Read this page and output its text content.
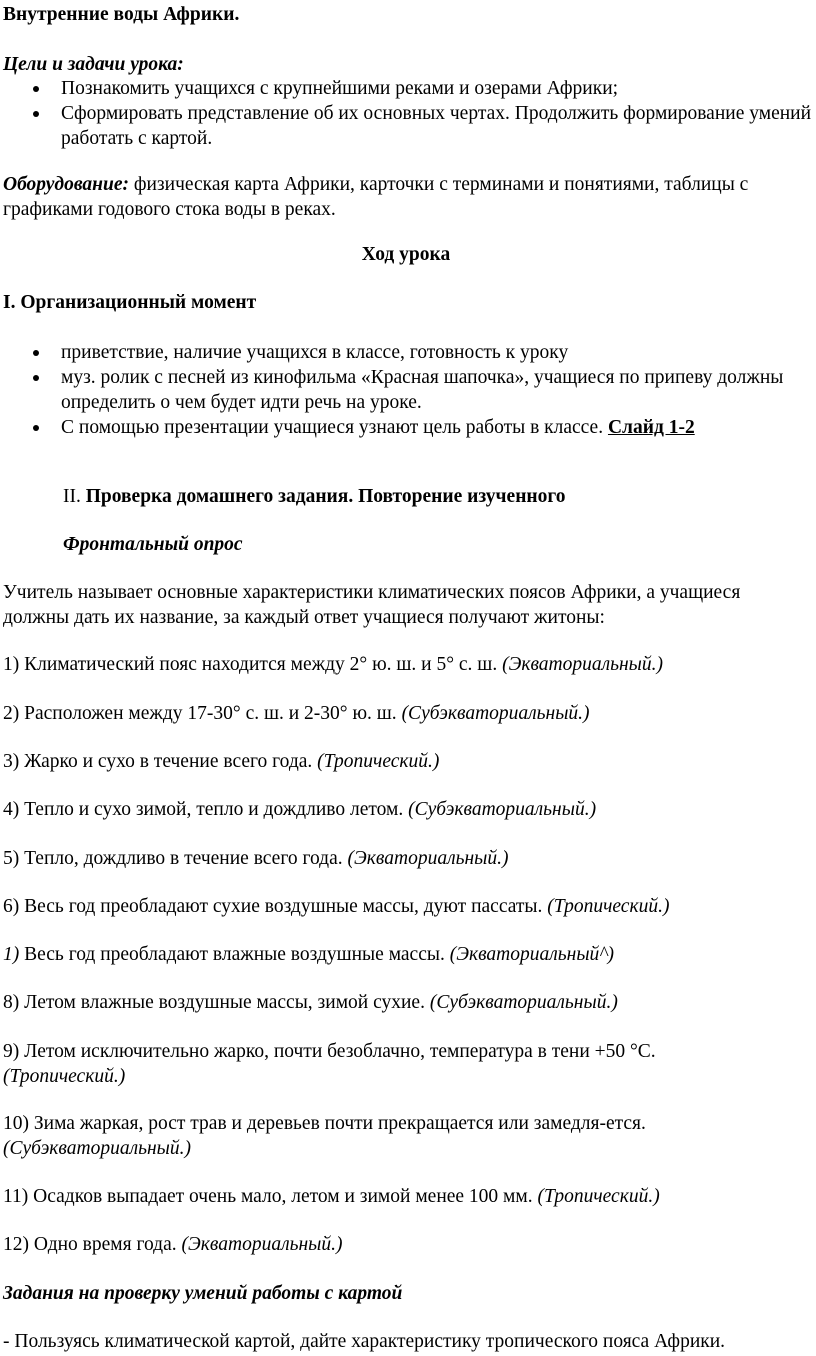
Внутренние воды Африки.

Цели и задачи урока:

Познакомить учащихся с крупнейшими реками и озерами Африки;
Сформировать представление об их основных чертах. Продолжить формирование умений работать с картой.

Оборудование: физическая карта Африки, карточки с терминами и понятиями, таблицы с графиками годового стока воды в реках.

Ход урока

I. Организационный момент

приветствие, наличие учащихся в классе, готовность к уроку
муз. ролик с песней из кинофильма «Красная шапочка», учащиеся по припеву должны определить о чем будет идти речь на уроке.
С помощью презентации учащиеся узнают цель работы в классе. Слайд 1-2

II. Проверка домашнего задания. Повторение изученного

Фронтальный опрос

Учитель называет основные характеристики климатических поясов Африки, а учащиеся должны дать их название, за каждый ответ учащиеся получают житоны:

1) Климатический пояс находится между 2° ю. ш. и 5° с. ш. (Экваториальный.)

2) Расположен между 17-30° с. ш. и 2-30° ю. ш. (Субэкваториальный.)

3) Жарко и сухо в течение всего года. (Тропический.)

4) Тепло и сухо зимой, тепло и дождливо летом. (Субэкваториальный.)

5) Тепло, дождливо в течение всего года. (Экваториальный.)

6) Весь год преобладают сухие воздушные массы, дуют пассаты. (Тропический.)

1) Весь год преобладают влажные воздушные массы. (Экваториальный^)

8) Летом влажные воздушные массы, зимой сухие. (Субэкваториальный.)

9) Летом исключительно жарко, почти безоблачно, температура в тени +50 °С. (Тропический.)

10) Зима жаркая, рост трав и деревьев почти прекращается или замедля-ется. (Субэкваториальный.)

11) Осадков выпадает очень мало, летом и зимой менее 100 мм. (Тропический.)

12) Одно время года. (Экваториальный.)

Задания на проверку умений работы с картой

- Пользуясь климатической картой, дайте характеристику тропического пояса Африки.
